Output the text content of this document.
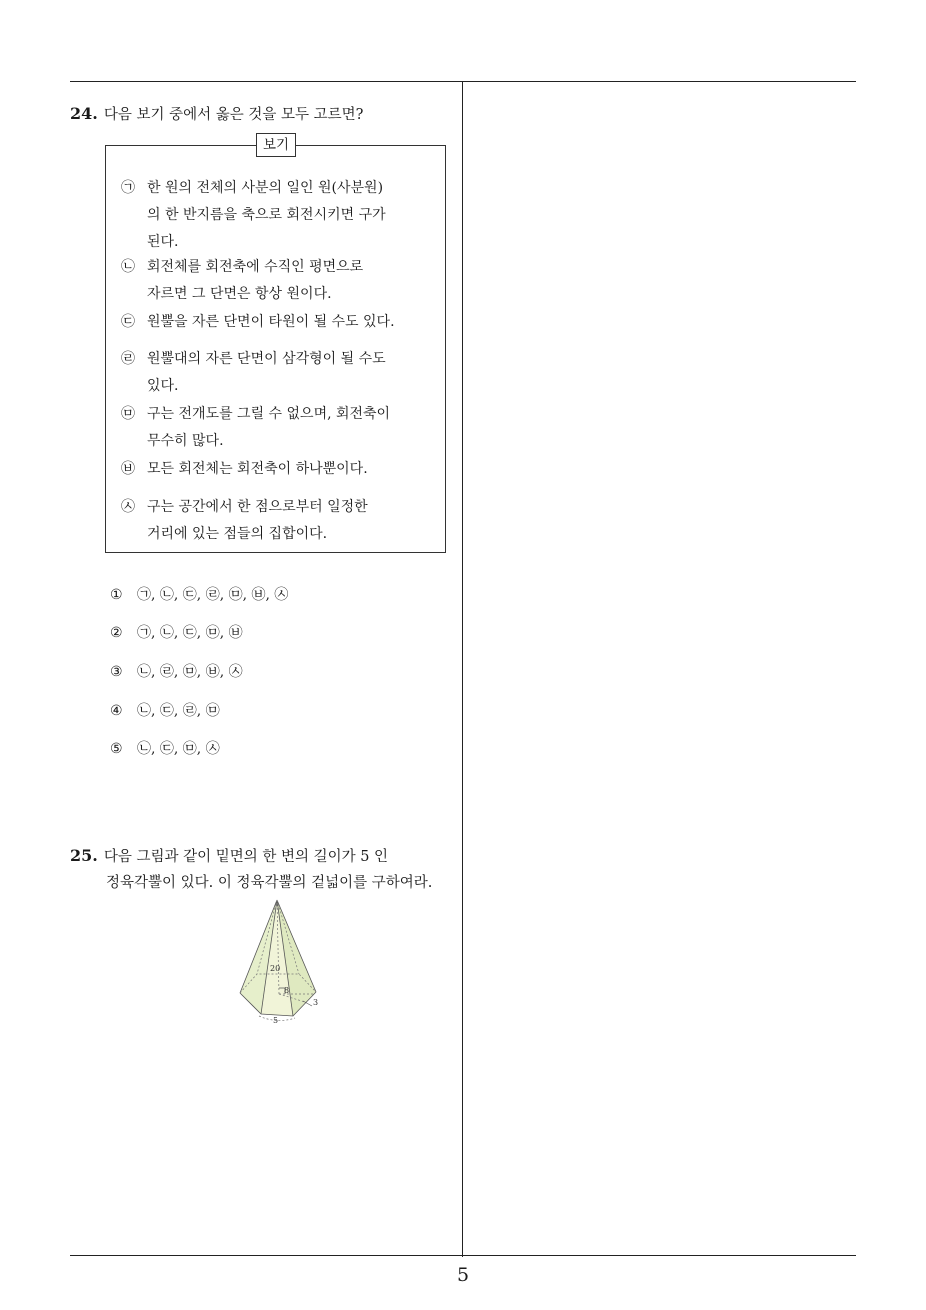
24. 다음 보기 중에서 옳은 것을 모두 고르면?
보기
㉠ 한 원의 전체의 사분의 일인 원(사분원)
의 한 반지름을 축으로 회전시키면 구가
된다.
㉡ 회전체를 회전축에 수직인 평면으로
자르면 그 단면은 항상 원이다.
㉢ 원뿔을 자른 단면이 타원이 될 수도 있다.
㉣ 원뿔대의 자른 단면이 삼각형이 될 수도
있다.
㉤ 구는 전개도를 그릴 수 없으며, 회전축이
무수히 많다.
㉥ 모든 회전체는 회전축이 하나뿐이다.
㉦ 구는 공간에서 한 점으로부터 일정한
거리에 있는 점들의 집합이다.
① ㉠, ㉡, ㉢, ㉣, ㉤, ㉥, ㉦
② ㉠, ㉡, ㉢, ㉤, ㉥
③ ㉡, ㉣, ㉤, ㉥, ㉦
④ ㉡, ㉢, ㉣, ㉤
⑤ ㉡, ㉢, ㉤, ㉦
25. 다음 그림과 같이 밑면의 한 변의 길이가 5 인
정육각뿔이 있다. 이 정육각뿔의 겉넓이를 구하여라.
20
8
3
5
5
